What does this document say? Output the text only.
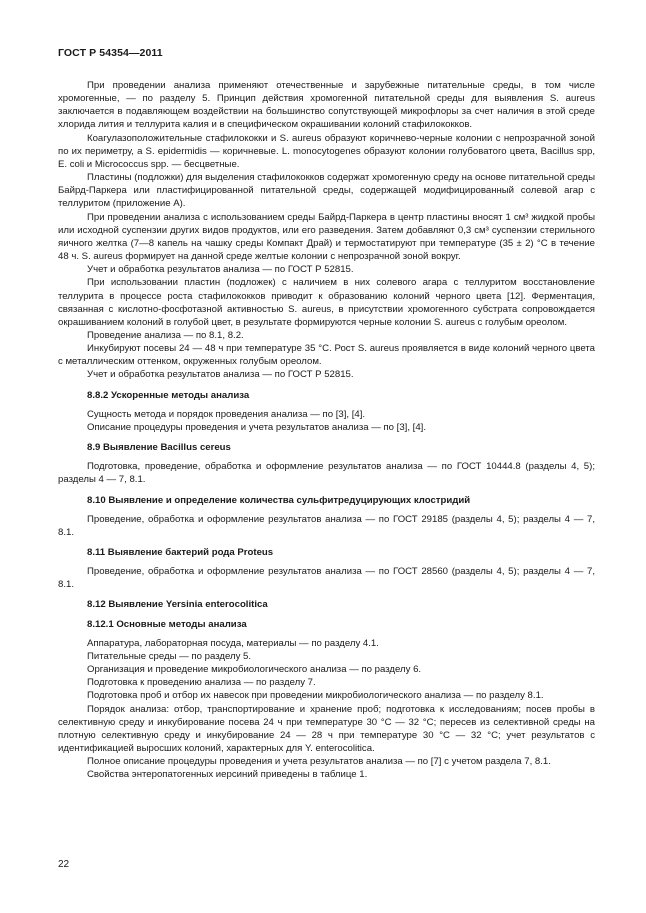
ГОСТ Р 54354—2011

При проведении анализа применяют отечественные и зарубежные питательные среды, в том числе хромогенные, — по разделу 5. Принцип действия хромогенной питательной среды для выявления S. aureus заключается в подавляющем воздействии на большинство сопутствующей микрофлоры за счет наличия в этой среде хлорида лития и теллурита калия и в специфическом окрашивании колоний стафилококков.

Коагулазоположительные стафилококки и S. aureus образуют коричнево-черные колонии с непрозрачной зоной по их периметру, а S. epidermidis — коричневые. L. monocytogenes образуют колонии голубоватого цвета, Bacillus spp, E. coli и Micrococcus spp. — бесцветные.

Пластины (подложки) для выделения стафилококков содержат хромогенную среду на основе питательной среды Байрд-Паркера или пластифицированной питательной среды, содержащей модифицированный солевой агар с теллуритом (приложение А).

При проведении анализа с использованием среды Байрд-Паркера в центр пластины вносят 1 см³ жидкой пробы или исходной суспензии других видов продуктов, или его разведения. Затем добавляют 0,3 см³ суспензии стерильного яичного желтка (7—8 капель на чашку среды Компакт Драй) и термостатируют при температуре (35 ± 2) °С в течение 48 ч. S. aureus формирует на данной среде желтые колонии с непрозрачной зоной вокруг.

Учет и обработка результатов анализа — по ГОСТ Р 52815.

При использовании пластин (подложек) с наличием в них солевого агара с теллуритом восстановление теллурита в процессе роста стафилококков приводит к образованию колоний черного цвета [12]. Ферментация, связанная с кислотно-фосфотазной активностью S. aureus, в присутствии хромогенного субстрата сопровождается окрашиванием колоний в голубой цвет, в результате формируются черные колонии S. aureus с голубым ореолом.

Проведение анализа — по 8.1, 8.2.

Инкубируют посевы 24 — 48 ч при температуре 35 °С. Рост S. aureus проявляется в виде колоний черного цвета с металлическим оттенком, окруженных голубым ореолом.

Учет и обработка результатов анализа — по ГОСТ Р 52815.

8.8.2 Ускоренные методы анализа

Сущность метода и порядок проведения анализа — по [3], [4].

Описание процедуры проведения и учета результатов анализа — по [3], [4].

8.9 Выявление Bacillus cereus

Подготовка, проведение, обработка и оформление результатов анализа — по ГОСТ 10444.8 (разделы 4, 5); разделы 4 — 7, 8.1.

8.10 Выявление и определение количества сульфитредуцирующих клостридий

Проведение, обработка и оформление результатов анализа — по ГОСТ 29185 (разделы 4, 5); разделы 4 — 7, 8.1.

8.11 Выявление бактерий рода Proteus

Проведение, обработка и оформление результатов анализа — по ГОСТ 28560 (разделы 4, 5); разделы 4 — 7, 8.1.

8.12 Выявление Yersinia enterocolitica
8.12.1 Основные методы анализа

Аппаратура, лабораторная посуда, материалы — по разделу 4.1.

Питательные среды — по разделу 5.

Организация и проведение микробиологического анализа — по разделу 6.

Подготовка к проведению анализа — по разделу 7.

Подготовка проб и отбор их навесок при проведении микробиологического анализа — по разделу 8.1.

Порядок анализа: отбор, транспортирование и хранение проб; подготовка к исследованиям; посев пробы в селективную среду и инкубирование посева 24 ч при температуре 30 °С — 32 °С; пересев из селективной среды на плотную селективную среду и инкубирование 24 — 28 ч при температуре 30 °С — 32 °С; учет результатов с идентификацией выросших колоний, характерных для Y. enterocolitica.

Полное описание процедуры проведения и учета результатов анализа — по [7] с учетом раздела 7, 8.1.

Свойства энтеропатогенных иерсиний приведены в таблице 1.

22
